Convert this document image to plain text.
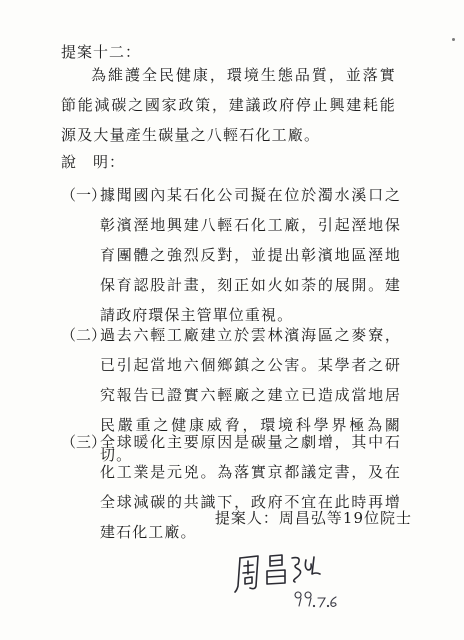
提案十二：
為維護全民健康，環境生態品質，並落實節能減碳之國家政策，建議政府停止興建耗能源及大量產生碳量之八輕石化工廠。
說　明：
（一）
據聞國內某石化公司擬在位於濁水溪口之彰濱溼地興建八輕石化工廠，引起溼地保育團體之強烈反對，並提出彰濱地區溼地保育認股計畫，刻正如火如荼的展開。建請政府環保主管單位重視。
（二）
過去六輕工廠建立於雲林濱海區之麥寮，已引起當地六個鄉鎮之公害。某學者之研究報告已證實六輕廠之建立已造成當地居民嚴重之健康威脅，環境科學界極為關切。
（三）
全球暖化主要原因是碳量之劇增，其中石化工業是元兇。為落實京都議定書，及在全球減碳的共識下，政府不宜在此時再增建石化工廠。
提案人：周昌弘等19位院士
